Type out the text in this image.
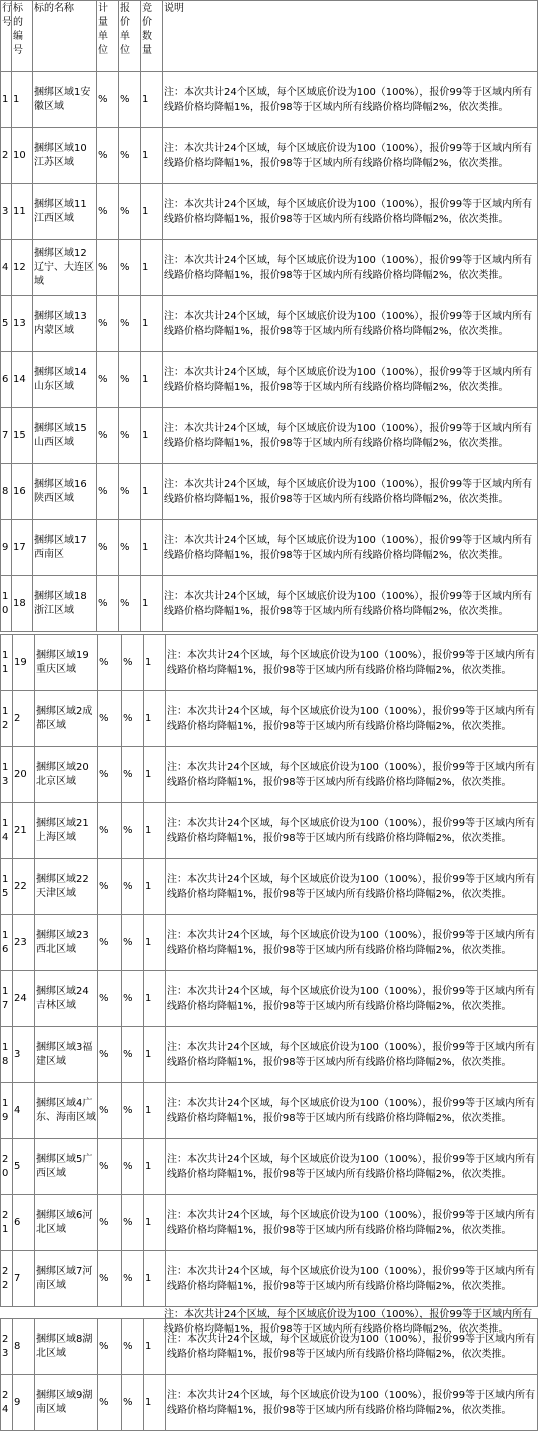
行号	标的编号	标的名称	计量单位	报价单位	竞价数量	说明
1	1	捆绑区域1安徽区域	%	%	1	注：本次共计24个区域，每个区域底价设为100（100%），报价99等于区域内所有线路价格均降幅1%，报价98等于区域内所有线路价格均降幅2%，依次类推。
2	10	捆绑区域10江苏区域	%	%	1	注：本次共计24个区域，每个区域底价设为100（100%），报价99等于区域内所有线路价格均降幅1%，报价98等于区域内所有线路价格均降幅2%，依次类推。
3	11	捆绑区域11江西区域	%	%	1	注：本次共计24个区域，每个区域底价设为100（100%），报价99等于区域内所有线路价格均降幅1%，报价98等于区域内所有线路价格均降幅2%，依次类推。
4	12	捆绑区域12辽宁、大连区域	%	%	1	注：本次共计24个区域，每个区域底价设为100（100%），报价99等于区域内所有线路价格均降幅1%，报价98等于区域内所有线路价格均降幅2%，依次类推。
5	13	捆绑区域13内蒙区域	%	%	1	注：本次共计24个区域，每个区域底价设为100（100%），报价99等于区域内所有线路价格均降幅1%，报价98等于区域内所有线路价格均降幅2%，依次类推。
6	14	捆绑区域14山东区域	%	%	1	注：本次共计24个区域，每个区域底价设为100（100%），报价99等于区域内所有线路价格均降幅1%，报价98等于区域内所有线路价格均降幅2%，依次类推。
7	15	捆绑区域15山西区域	%	%	1	注：本次共计24个区域，每个区域底价设为100（100%），报价99等于区域内所有线路价格均降幅1%，报价98等于区域内所有线路价格均降幅2%，依次类推。
8	16	捆绑区域16陕西区域	%	%	1	注：本次共计24个区域，每个区域底价设为100（100%），报价99等于区域内所有线路价格均降幅1%，报价98等于区域内所有线路价格均降幅2%，依次类推。
9	17	捆绑区域17西南区	%	%	1	注：本次共计24个区域，每个区域底价设为100（100%），报价99等于区域内所有线路价格均降幅1%，报价98等于区域内所有线路价格均降幅2%，依次类推。
10	18	捆绑区域18浙江区域	%	%	1	注：本次共计24个区域，每个区域底价设为100（100%），报价99等于区域内所有线路价格均降幅1%，报价98等于区域内所有线路价格均降幅2%，依次类推。
11	19	捆绑区域19重庆区域	%	%	1	注：本次共计24个区域，每个区域底价设为100（100%），报价99等于区域内所有线路价格均降幅1%，报价98等于区域内所有线路价格均降幅2%，依次类推。
12	2	捆绑区域2成都区域	%	%	1	注：本次共计24个区域，每个区域底价设为100（100%），报价99等于区域内所有线路价格均降幅1%，报价98等于区域内所有线路价格均降幅2%，依次类推。
13	20	捆绑区域20北京区域	%	%	1	注：本次共计24个区域，每个区域底价设为100（100%），报价99等于区域内所有线路价格均降幅1%，报价98等于区域内所有线路价格均降幅2%，依次类推。
14	21	捆绑区域21上海区域	%	%	1	注：本次共计24个区域，每个区域底价设为100（100%），报价99等于区域内所有线路价格均降幅1%，报价98等于区域内所有线路价格均降幅2%，依次类推。
15	22	捆绑区域22天津区域	%	%	1	注：本次共计24个区域，每个区域底价设为100（100%），报价99等于区域内所有线路价格均降幅1%，报价98等于区域内所有线路价格均降幅2%，依次类推。
16	23	捆绑区域23西北区域	%	%	1	注：本次共计24个区域，每个区域底价设为100（100%），报价99等于区域内所有线路价格均降幅1%，报价98等于区域内所有线路价格均降幅2%，依次类推。
17	24	捆绑区域24吉林区域	%	%	1	注：本次共计24个区域，每个区域底价设为100（100%），报价99等于区域内所有线路价格均降幅1%，报价98等于区域内所有线路价格均降幅2%，依次类推。
18	3	捆绑区域3福建区域	%	%	1	注：本次共计24个区域，每个区域底价设为100（100%），报价99等于区域内所有线路价格均降幅1%，报价98等于区域内所有线路价格均降幅2%，依次类推。
19	4	捆绑区域4广东、海南区域	%	%	1	注：本次共计24个区域，每个区域底价设为100（100%），报价99等于区域内所有线路价格均降幅1%，报价98等于区域内所有线路价格均降幅2%，依次类推。
20	5	捆绑区域5广西区域	%	%	1	注：本次共计24个区域，每个区域底价设为100（100%），报价99等于区域内所有线路价格均降幅1%，报价98等于区域内所有线路价格均降幅2%，依次类推。
21	6	捆绑区域6河北区域	%	%	1	注：本次共计24个区域，每个区域底价设为100（100%），报价99等于区域内所有线路价格均降幅1%，报价98等于区域内所有线路价格均降幅2%，依次类推。
22	7	捆绑区域7河南区域	%	%	1	注：本次共计24个区域，每个区域底价设为100（100%），报价99等于区域内所有线路价格均降幅1%，报价98等于区域内所有线路价格均降幅2%，依次类推。
注：本次共计24个区域，每个区域底价设为100（100%），报价99等于区域内所有线路价格均降幅1%，报价98等于区域内所有线路价格均降幅2%，依次类推。
23	8	捆绑区域8湖北区域	%	%	1	注：本次共计24个区域，每个区域底价设为100（100%），报价99等于区域内所有线路价格均降幅1%，报价98等于区域内所有线路价格均降幅2%，依次类推。
24	9	捆绑区域9湖南区域	%	%	1	注：本次共计24个区域，每个区域底价设为100（100%），报价99等于区域内所有线路价格均降幅1%，报价98等于区域内所有线路价格均降幅2%，依次类推。
